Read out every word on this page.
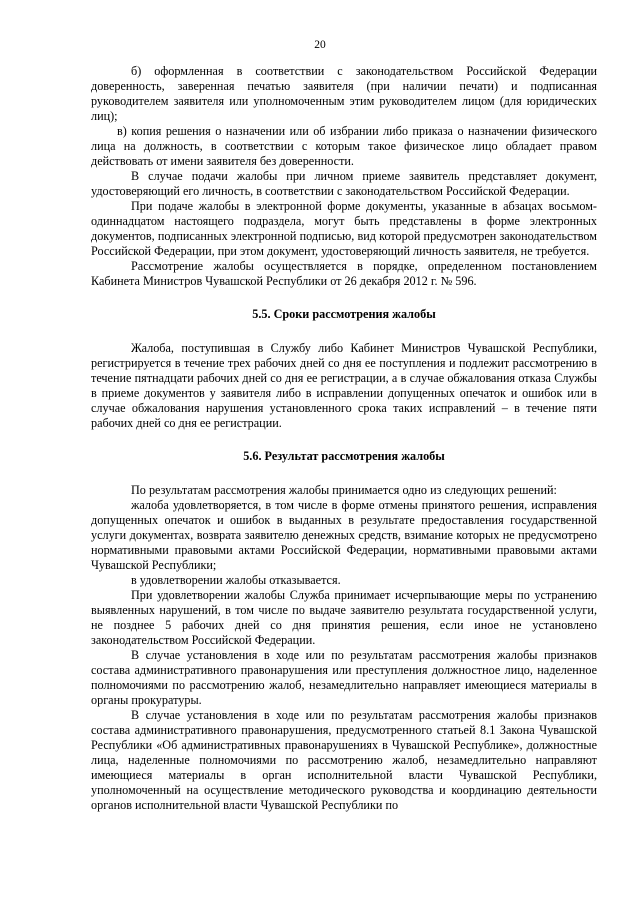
20

б) оформленная в соответствии с законодательством Российской Федерации доверенность, заверенная печатью заявителя (при наличии печати) и подписанная руководителем заявителя или уполномоченным этим руководителем лицом (для юридических лиц);

в) копия решения о назначении или об избрании либо приказа о назначении физического лица на должность, в соответствии с которым такое физическое лицо обладает правом действовать от имени заявителя без доверенности.

В случае подачи жалобы при личном приеме заявитель представляет документ, удостоверяющий его личность, в соответствии с законодательством Российской Федерации.

При подаче жалобы в электронной форме документы, указанные в абзацах восьмом-одиннадцатом настоящего подраздела, могут быть представлены в форме электронных документов, подписанных электронной подписью, вид которой предусмотрен законодательством Российской Федерации, при этом документ, удостоверяющий личность заявителя, не требуется.

Рассмотрение жалобы осуществляется в порядке, определенном постановлением Кабинета Министров Чувашской Республики от 26 декабря 2012 г. № 596.

5.5. Сроки рассмотрения жалобы

Жалоба, поступившая в Службу либо Кабинет Министров Чувашской Республики, регистрируется в течение трех рабочих дней со дня ее поступления и подлежит рассмотрению в течение пятнадцати рабочих дней со дня ее регистрации, а в случае обжалования отказа Службы в приеме документов у заявителя либо в исправлении допущенных опечаток и ошибок или в случае обжалования нарушения установленного срока таких исправлений – в течение пяти рабочих дней со дня ее регистрации.

5.6. Результат рассмотрения жалобы

По результатам рассмотрения жалобы принимается одно из следующих решений:

жалоба удовлетворяется, в том числе в форме отмены принятого решения, исправления допущенных опечаток и ошибок в выданных в результате предоставления государственной услуги документах, возврата заявителю денежных средств, взимание которых не предусмотрено нормативными правовыми актами Российской Федерации, нормативными правовыми актами Чувашской Республики;

в удовлетворении жалобы отказывается.

При удовлетворении жалобы Служба принимает исчерпывающие меры по устранению выявленных нарушений, в том числе по выдаче заявителю результата государственной услуги, не позднее 5 рабочих дней со дня принятия решения, если иное не установлено законодательством Российской Федерации.

В случае установления в ходе или по результатам рассмотрения жалобы признаков состава административного правонарушения или преступления должностное лицо, наделенное полномочиями по рассмотрению жалоб, незамедлительно направляет имеющиеся материалы в органы прокуратуры.

В случае установления в ходе или по результатам рассмотрения жалобы признаков состава административного правонарушения, предусмотренного статьей 8.1 Закона Чувашской Республики «Об административных правонарушениях в Чувашской Республике», должностные лица, наделенные полномочиями по рассмотрению жалоб, незамедлительно направляют имеющиеся материалы в орган исполнительной власти Чувашской Республики, уполномоченный на осуществление методического руководства и координацию деятельности органов исполнительной власти Чувашской Республики по
